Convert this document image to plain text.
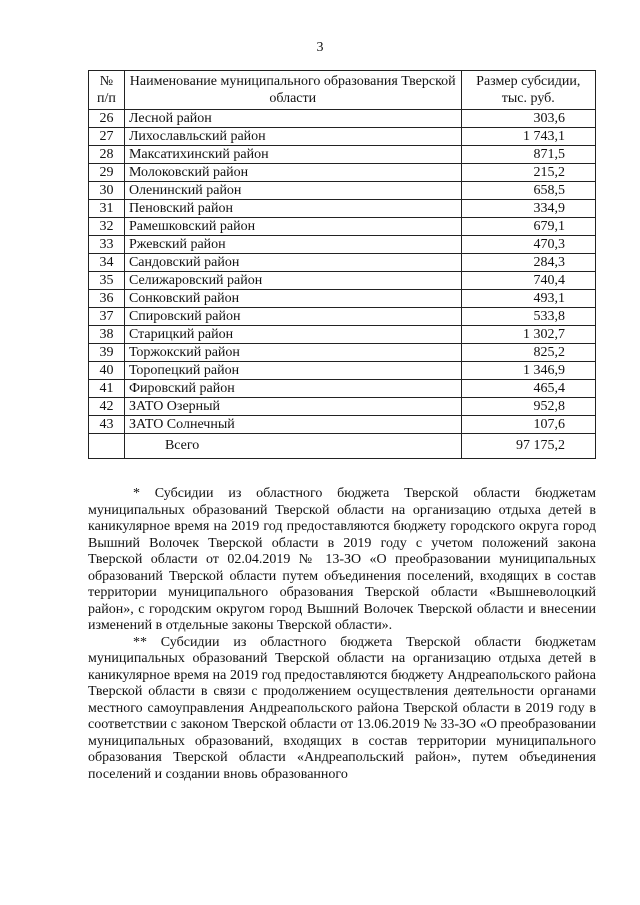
3
№ п/п	Наименование муниципального образования Тверской области	Размер субсидии, тыс. руб.
26	Лесной район	303,6
27	Лихославльский район	1 743,1
28	Максатихинский район	871,5
29	Молоковский район	215,2
30	Оленинский район	658,5
31	Пеновский район	334,9
32	Рамешковский район	679,1
33	Ржевский район	470,3
34	Сандовский район	284,3
35	Селижаровский район	740,4
36	Сонковский район	493,1
37	Спировский район	533,8
38	Старицкий район	1 302,7
39	Торжокский район	825,2
40	Торопецкий район	1 346,9
41	Фировский район	465,4
42	ЗАТО Озерный	952,8
43	ЗАТО Солнечный	107,6
	Всего	97 175,2

* Субсидии из областного бюджета Тверской области бюджетам муниципальных образований Тверской области на организацию отдыха детей в каникулярное время на 2019 год предоставляются бюджету городского округа город Вышний Волочек Тверской области в 2019 году с учетом положений закона Тверской области от 02.04.2019 № 13-ЗО «О преобразовании муниципальных образований Тверской области путем объединения поселений, входящих в состав территории муниципального образования Тверской области «Вышневолоцкий район», с городским округом город Вышний Волочек Тверской области и внесении изменений в отдельные законы Тверской области».

** Субсидии из областного бюджета Тверской области бюджетам муниципальных образований Тверской области на организацию отдыха детей в каникулярное время на 2019 год предоставляются бюджету Андреапольского района Тверской области в связи с продолжением осуществления деятельности органами местного самоуправления Андреапольского района Тверской области в 2019 году в соответствии с законом Тверской области от 13.06.2019 № 33-ЗО «О преобразовании муниципальных образований, входящих в состав территории муниципального образования Тверской области «Андреапольский район», путем объединения поселений и создании вновь образованного
